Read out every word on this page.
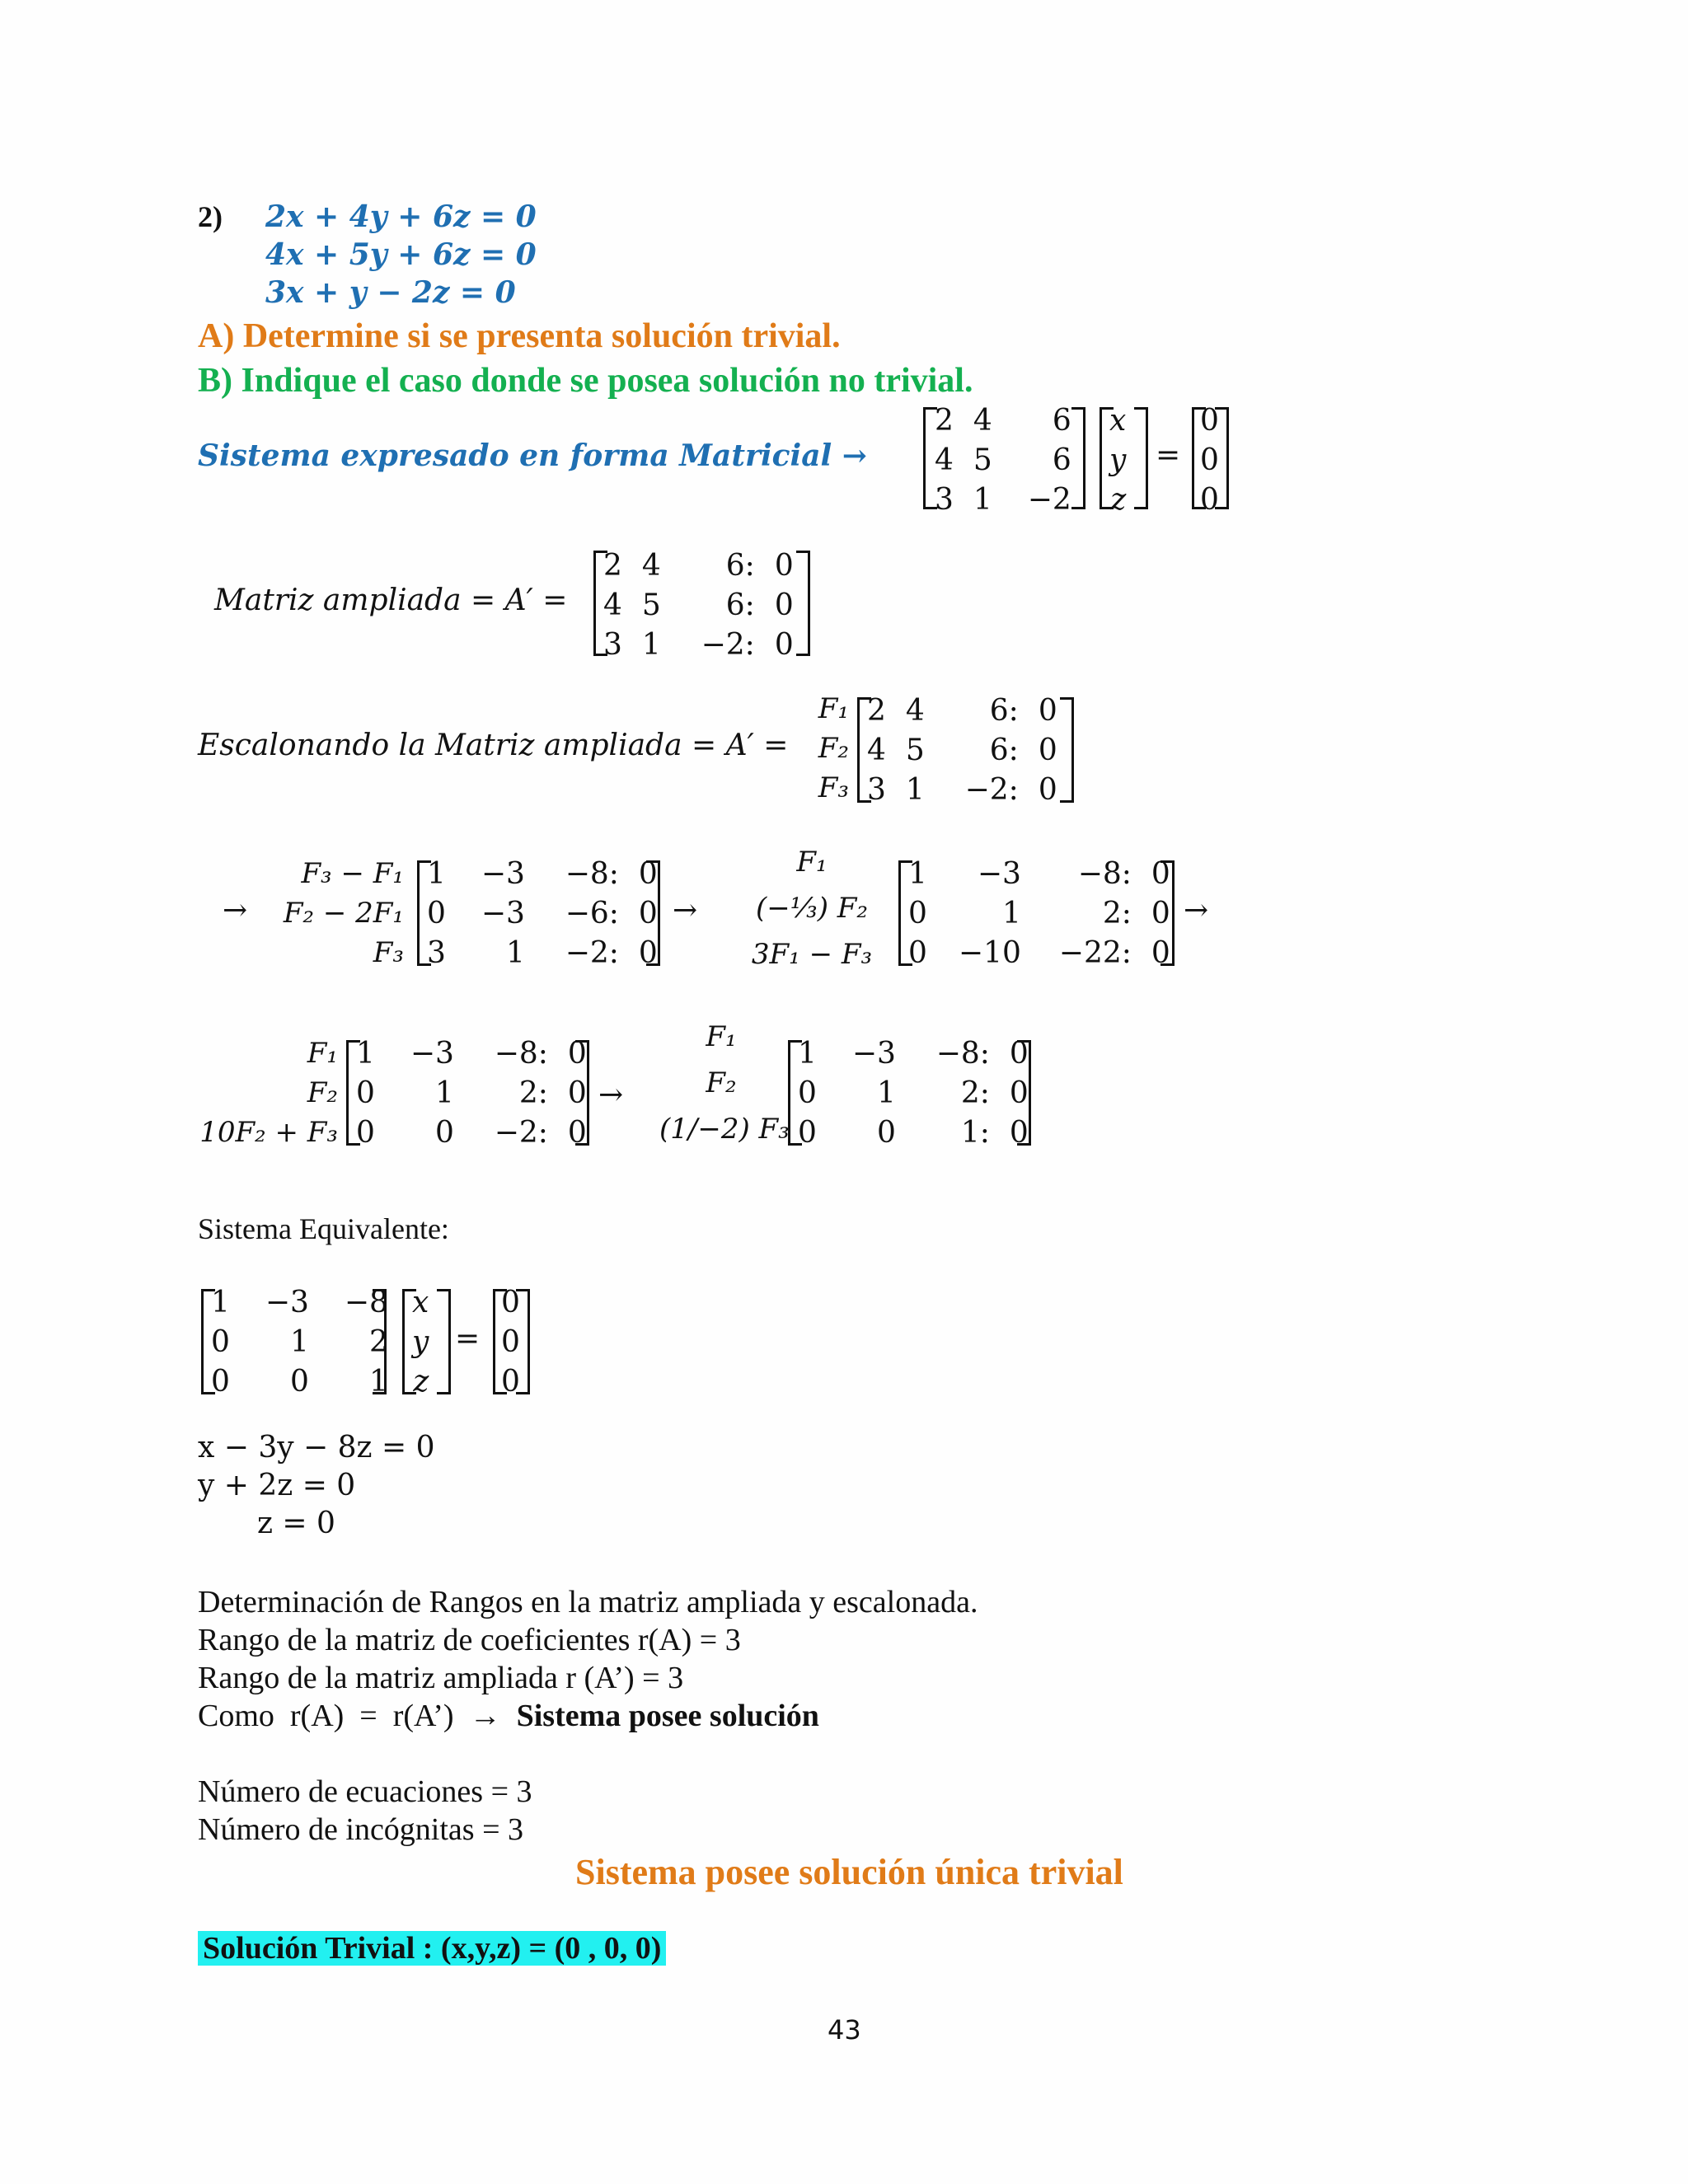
2) 2x + 4y + 6z = 0
4x + 5y + 6z = 0
3x + y − 2z = 0
A) Determine si se presenta solución trivial.
B) Indique el caso donde se posea solución no trivial.
Sistema expresado en forma Matricial →
2	4	6
4	5	6
3	1	−2
x
y
z
=
0
0
0
Matriz ampliada = A′ =
2	4	6:	0
4	5	6:	0
3	1	−2:	0
Escalonando la Matriz ampliada = A′ =
F₁
F₂
F₃
2	4	6:	0
4	5	6:	0
3	1	−2:	0
→
F₃ − F₁
F₂ − 2F₁
F₃
1	−3	−8:	0
0	−3	−6:	0
3	1	−2:	0
→
F₁
(−⅓) F₂
3F₁ − F₃
1	−3	−8:	0
0	1	2:	0
0	−10	−22:	0
→
F₁
F₂
10F₂ + F₃
1	−3	−8:	0
0	1	2:	0
0	0	−2:	0
→
F₁
F₂
(1/−2) F₃
1	−3	−8:	0
0	1	2:	0
0	0	1:	0
Sistema Equivalente:
1	−3	−8
0	1	2
0	0	1
x
y
z
=
0
0
0
x − 3y − 8z = 0
y + 2z = 0
z = 0
Determinación de Rangos en la matriz ampliada y escalonada.
Rango de la matriz de coeficientes r(A) = 3
Rango de la matriz ampliada r (A’) = 3
Como  r(A)  =  r(A’)  →  Sistema posee solución
Número de ecuaciones = 3
Número de incógnitas = 3
Sistema posee solución única trivial
Solución Trivial : (x,y,z) = (0 , 0, 0)
43
